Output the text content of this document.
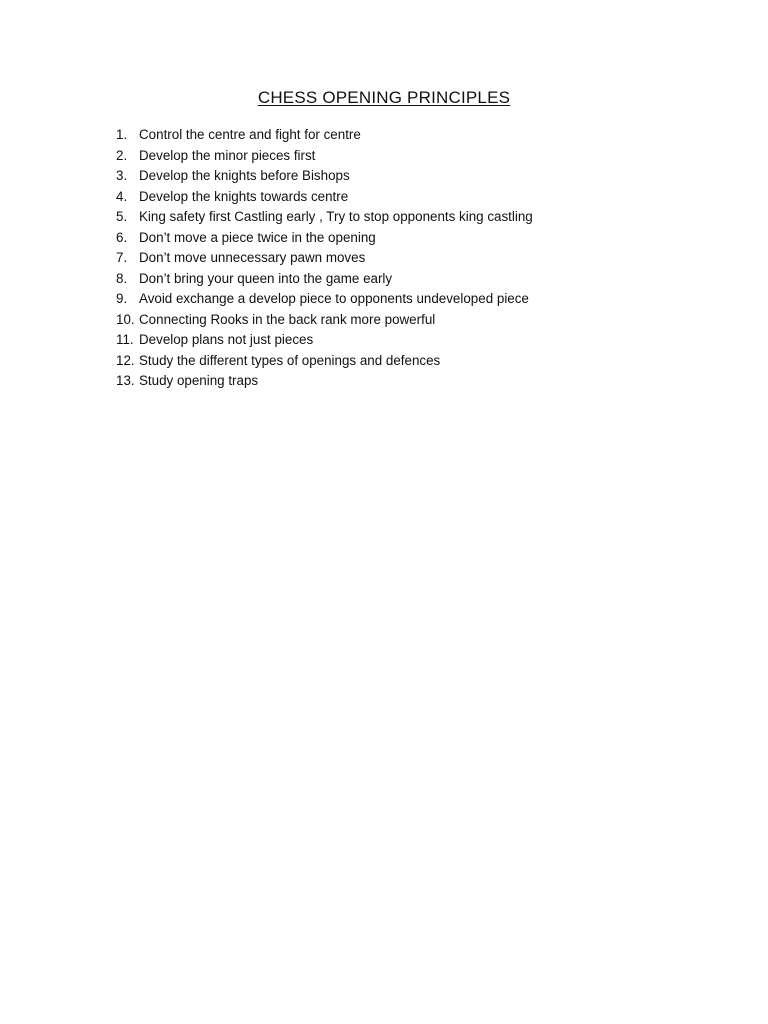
CHESS OPENING PRINCIPLES
1. Control the centre and fight for centre
2. Develop the minor pieces first
3. Develop the knights before Bishops
4. Develop the knights towards centre
5. King safety first Castling early , Try to stop opponents king castling
6. Don’t move a piece twice in the opening
7. Don’t move unnecessary pawn moves
8. Don’t bring your queen into the game early
9. Avoid exchange a develop piece to opponents undeveloped piece
10. Connecting Rooks in the back rank more powerful
11. Develop plans not just pieces
12. Study the different types of openings and defences
13. Study opening traps
